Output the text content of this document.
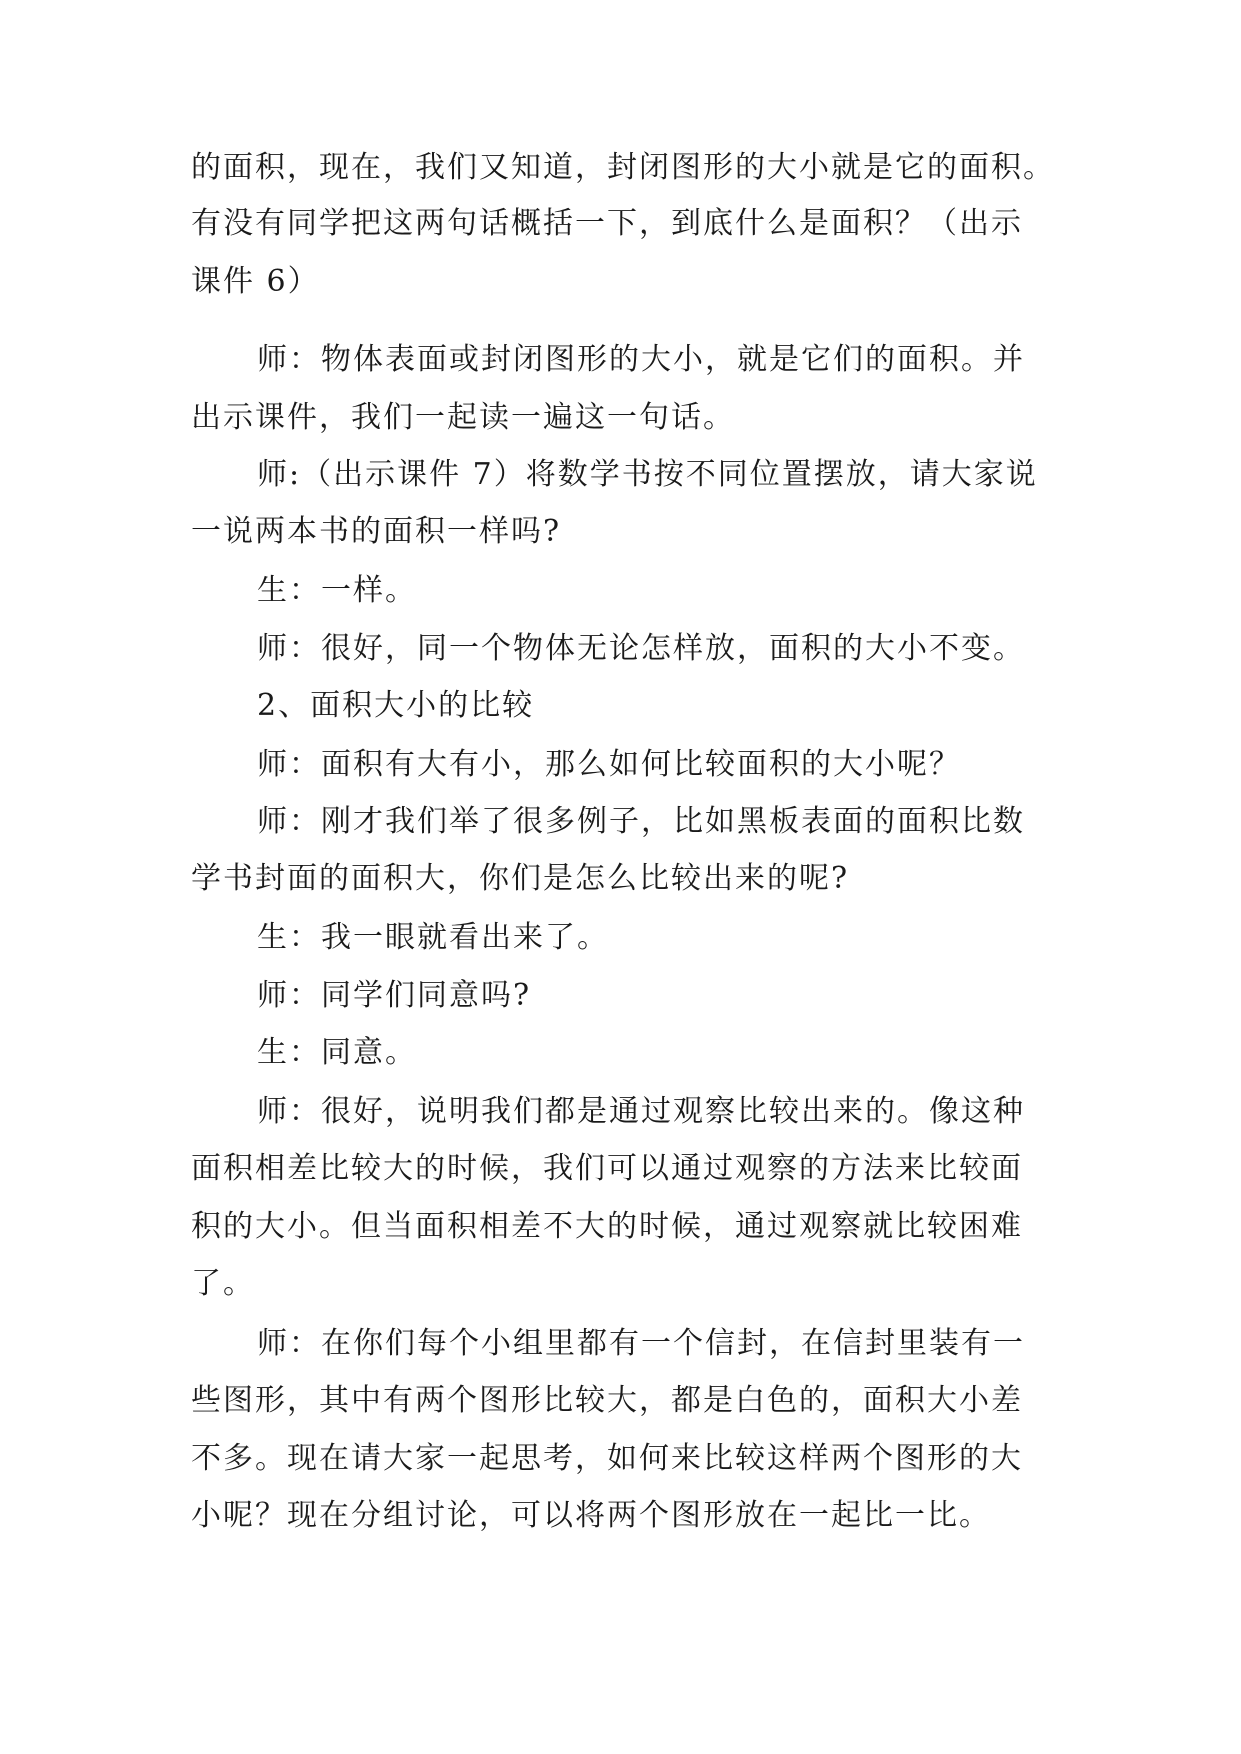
的面积，现在，我们又知道，封闭图形的大小就是它的面积。

有没有同学把这两句话概括一下，到底什么是面积？（出示

课件 6）

师：物体表面或封闭图形的大小，就是它们的面积。并

出示课件，我们一起读一遍这一句话。

师:（出示课件 7）将数学书按不同位置摆放，请大家说

一说两本书的面积一样吗?

生：一样。

师：很好，同一个物体无论怎样放，面积的大小不变。

2、面积大小的比较

师：面积有大有小，那么如何比较面积的大小呢？

师：刚才我们举了很多例子，比如黑板表面的面积比数

学书封面的面积大，你们是怎么比较出来的呢?

生：我一眼就看出来了。

师：同学们同意吗?

生：同意。

师：很好，说明我们都是通过观察比较出来的。像这种

面积相差比较大的时候，我们可以通过观察的方法来比较面

积的大小。但当面积相差不大的时候，通过观察就比较困难

了。

师：在你们每个小组里都有一个信封，在信封里装有一

些图形，其中有两个图形比较大，都是白色的，面积大小差

不多。现在请大家一起思考，如何来比较这样两个图形的大

小呢？现在分组讨论，可以将两个图形放在一起比一比。
